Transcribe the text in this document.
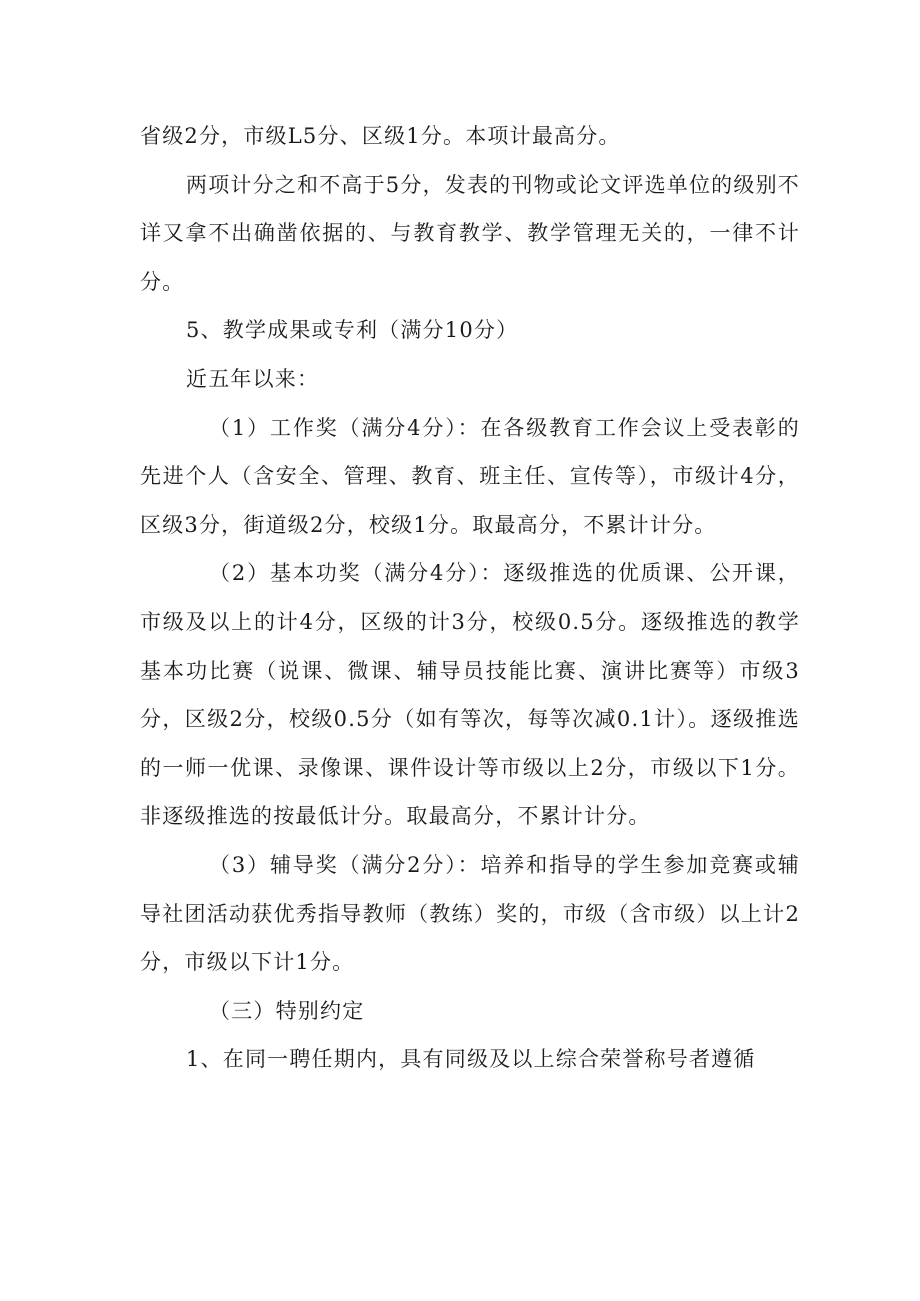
省级2分，市级L5分、区级1分。本项计最高分。

两项计分之和不高于5分，发表的刊物或论文评选单位的级别不详又拿不出确凿依据的、与教育教学、教学管理无关的，一律不计分。

5、教学成果或专利（满分10分）

近五年以来：

（1）工作奖（满分4分）：在各级教育工作会议上受表彰的先进个人（含安全、管理、教育、班主任、宣传等），市级计4分，区级3分，街道级2分，校级1分。取最高分，不累计计分。

（2）基本功奖（满分4分）：逐级推选的优质课、公开课，市级及以上的计4分，区级的计3分，校级0.5分。逐级推选的教学基本功比赛（说课、微课、辅导员技能比赛、演讲比赛等）市级3分，区级2分，校级0.5分（如有等次，每等次减0.1计）。逐级推选的一师一优课、录像课、课件设计等市级以上2分，市级以下1分。非逐级推选的按最低计分。取最高分，不累计计分。

（3）辅导奖（满分2分）：培养和指导的学生参加竞赛或辅导社团活动获优秀指导教师（教练）奖的，市级（含市级）以上计2分，市级以下计1分。

（三）特别约定

1、在同一聘任期内，具有同级及以上综合荣誉称号者遵循
